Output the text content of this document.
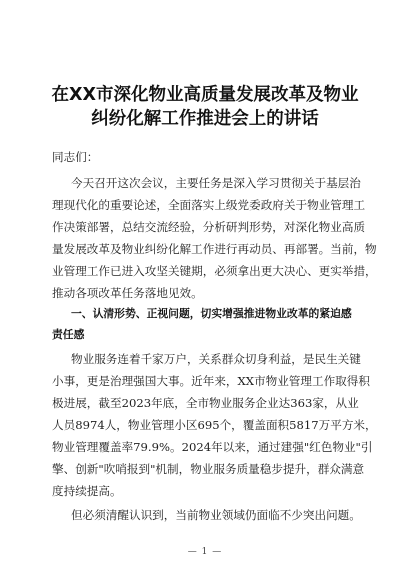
在XX市深化物业高质量发展改革及物业
纠纷化解工作推进会上的讲话
同志们：
今天召开这次会议，主要任务是深入学习贯彻关于基层治
理现代化的重要论述，全面落实上级党委政府关于物业管理工
作决策部署，总结交流经验，分析研判形势，对深化物业高质
量发展改革及物业纠纷化解工作进行再动员、再部署。当前，物
业管理工作已进入攻坚关键期，必须拿出更大决心、更实举措，
推动各项改革任务落地见效。
一、认清形势、正视问题，切实增强推进物业改革的紧迫感
责任感
物业服务连着千家万户，关系群众切身利益，是民生关键
小事，更是治理强国大事。近年来，XX市物业管理工作取得积
极进展，截至2023年底，全市物业服务企业达363家，从业
人员8974人，物业管理小区695个，覆盖面积5817万平方米，
物业管理覆盖率79.9%。2024年以来，通过建强"红色物业"引
擎、创新"吹哨报到"机制，物业服务质量稳步提升，群众满意
度持续提高。
但必须清醒认识到，当前物业领域仍面临不少突出问题。
— 1 —
